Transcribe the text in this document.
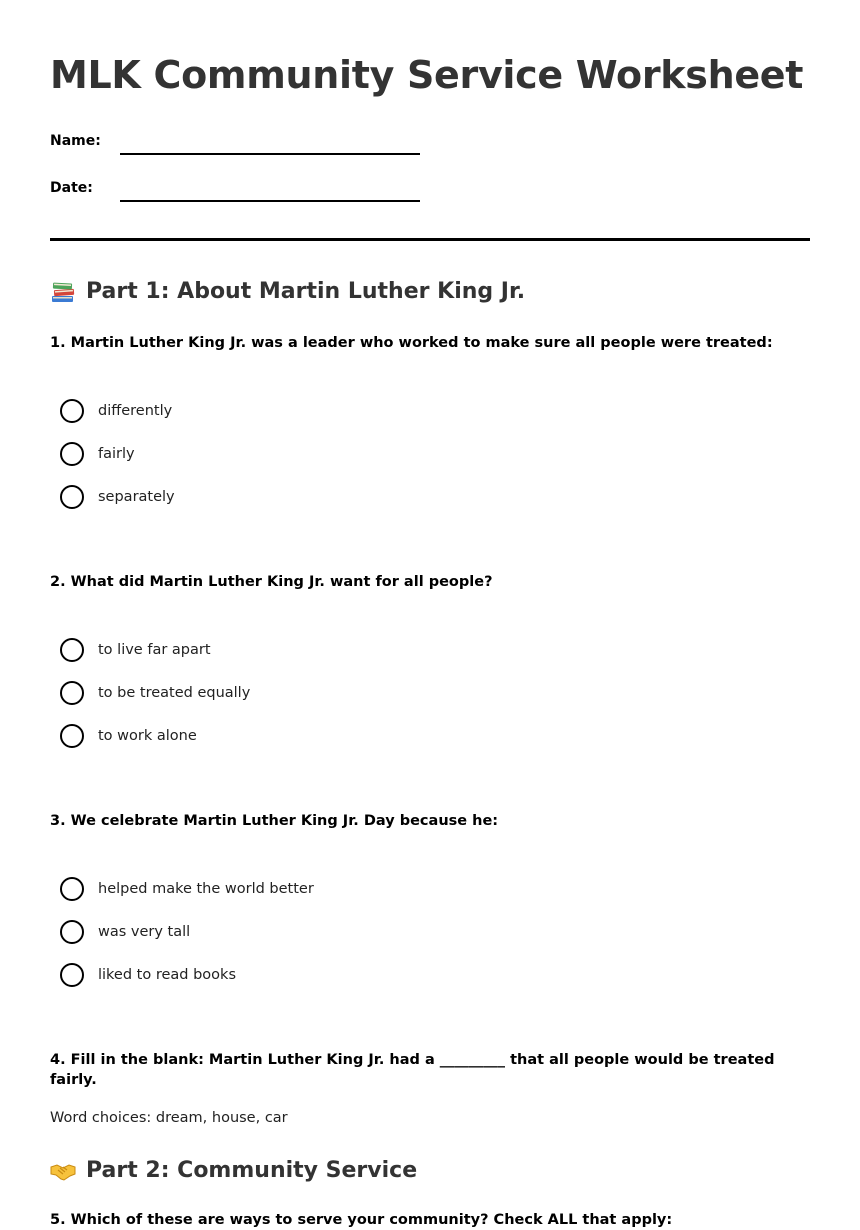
MLK Community Service Worksheet
Name:
Date:
Part 1: About Martin Luther King Jr.
1. Martin Luther King Jr. was a leader who worked to make sure all people were treated:
differently
fairly
separately
2. What did Martin Luther King Jr. want for all people?
to live far apart
to be treated equally
to work alone
3. We celebrate Martin Luther King Jr. Day because he:
helped make the world better
was very tall
liked to read books
4. Fill in the blank: Martin Luther King Jr. had a _________ that all people would be treated fairly.
Word choices: dream, house, car
Part 2: Community Service
5. Which of these are ways to serve your community? Check ALL that apply:
